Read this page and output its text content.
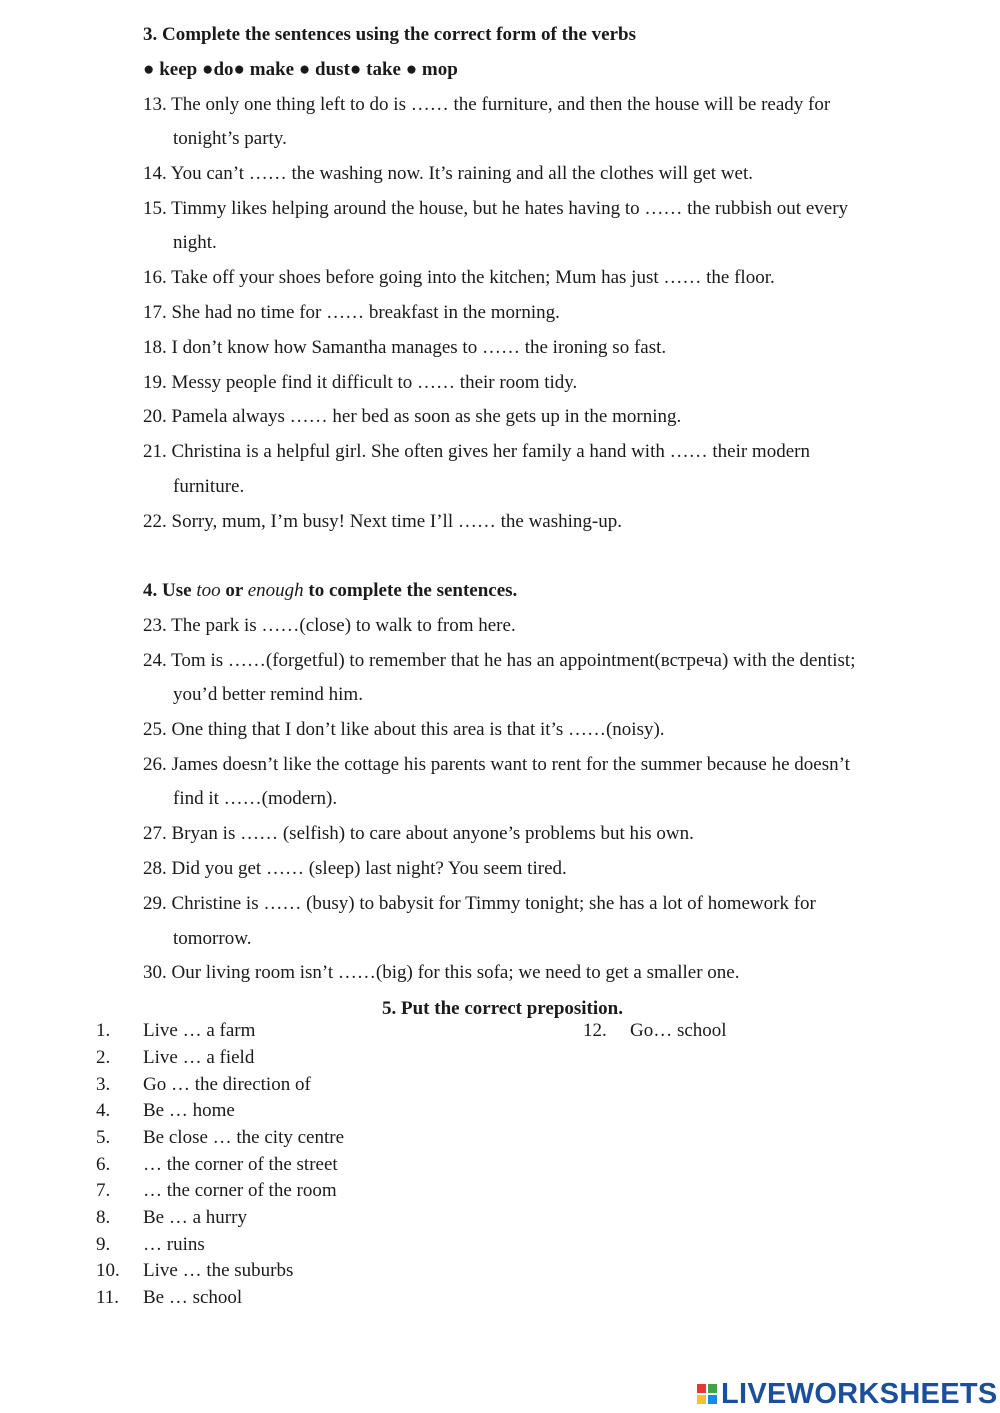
3. Complete the sentences using the correct form of the verbs
● keep ●do● make ● dust● take ● mop
13. The only one thing left to do is …… the furniture, and then the house will be ready for
tonight’s party.
14. You can’t …… the washing now. It’s raining and all the clothes will get wet.
15. Timmy likes helping around the house, but he hates having to …… the rubbish out every
night.
16. Take off your shoes before going into the kitchen; Mum has just …… the floor.
17. She had no time for …… breakfast in the morning.
18. I don’t know how Samantha manages to …… the ironing so fast.
19. Messy people find it difficult to …… their room tidy.
20. Pamela always …… her bed as soon as she gets up in the morning.
21. Christina is a helpful girl. She often gives her family a hand with …… their modern
furniture.
22. Sorry, mum, I’m busy! Next time I’ll …… the washing-up.
4. Use too or enough to complete the sentences.
23. The park is ……(close) to walk to from here.
24. Tom is ……(forgetful) to remember that he has an appointment(встреча) with the dentist;
you’d better remind him.
25. One thing that I don’t like about this area is that it’s ……(noisy).
26. James doesn’t like the cottage his parents want to rent for the summer because he doesn’t
find it ……(modern).
27. Bryan is …… (selfish) to care about anyone’s problems but his own.
28. Did you get …… (sleep) last night? You seem tired.
29. Christine is …… (busy) to babysit for Timmy tonight; she has a lot of homework for
tomorrow.
30. Our living room isn’t ……(big) for this sofa; we need to get a smaller one.
5. Put the correct preposition.
1. Live … a farm
2. Live … a field
3. Go … the direction of
4. Be … home
5. Be close … the city centre
6. … the corner of the street
7. … the corner of the room
8. Be … a hurry
9. … ruins
10. Live … the suburbs
11. Be … school
12. Go… school
LIVEWORKSHEETS
